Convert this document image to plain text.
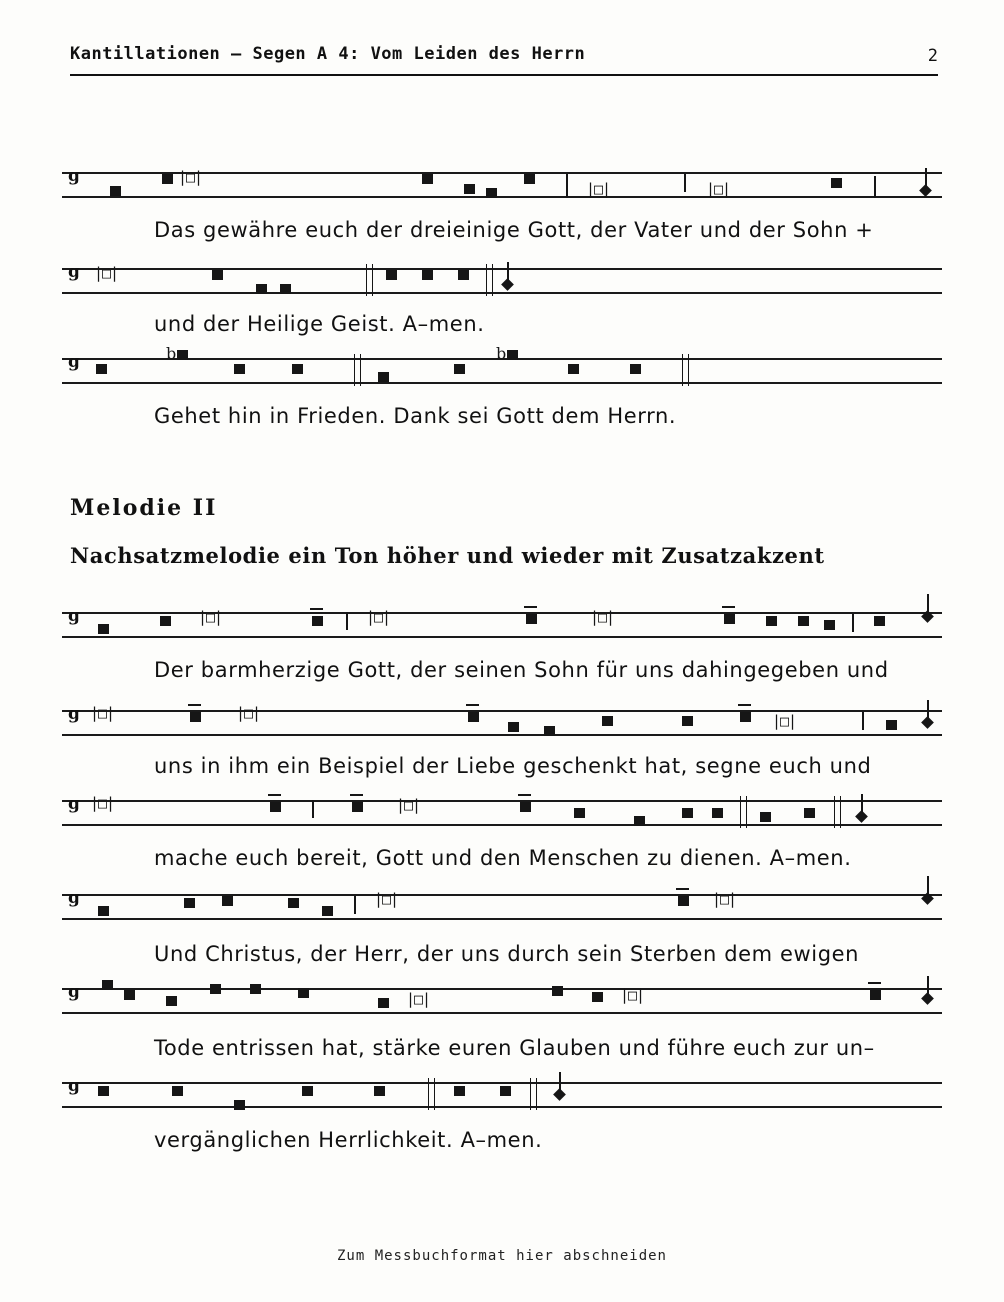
Kantillationen – Segen A 4: Vom Leiden des Herrn	2
g	|□|
|□|	|□|
Das gewähre euch der dreieinige Gott, der Vater und der Sohn +
g |□|
und der Heilige Geist. A–men.
g	b	b
Gehet hin in Frieden. Dank sei Gott dem Herrn.
Melodie II
Nachsatzmelodie ein Ton höher und wieder mit Zusatzakzent
g	|□|	|□|	|□|
Der barmherzige Gott, der seinen Sohn für uns dahingegeben und
g |□|	|□|	|□|
uns in ihm ein Beispiel der Liebe geschenkt hat, segne euch und
g |□|	|□|
mache euch bereit, Gott und den Menschen zu dienen. A–men.
g	|□|	|□|
Und Christus, der Herr, der uns durch sein Sterben dem ewigen
g	|□|	|□|
Tode entrissen hat, stärke euren Glauben und führe euch zur un–
g
vergänglichen Herrlichkeit. A–men.
Zum Messbuchformat hier abschneiden
